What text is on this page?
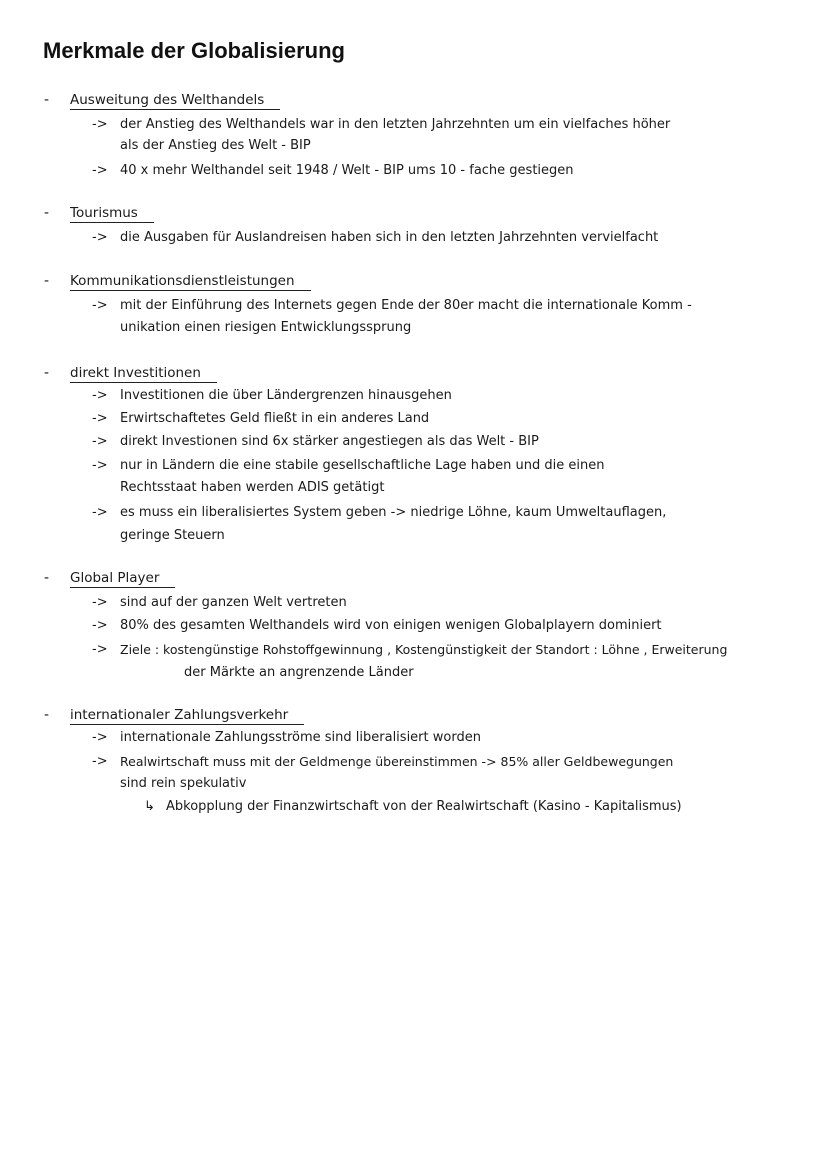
Merkmale der Globalisierung
- Ausweitung des Welthandels
-> der Anstieg des Welthandels war in den letzten Jahrzehnten um ein vielfaches höher
als der Anstieg des Welt - BIP
-> 40 x mehr Welthandel seit 1948 / Welt - BIP ums 10 - fache gestiegen
- Tourismus
-> die Ausgaben für Auslandreisen haben sich in den letzten Jahrzehnten vervielfacht
- Kommunikationsdienstleistungen
-> mit der Einführung des Internets gegen Ende der 80er macht die internationale Komm -
unikation einen riesigen Entwicklungssprung
- direkt Investitionen
-> Investitionen die über Ländergrenzen hinausgehen
-> Erwirtschaftetes Geld fließt in ein anderes Land
-> direkt Investionen sind 6x stärker angestiegen als das Welt - BIP
-> nur in Ländern die eine stabile gesellschaftliche Lage haben und die einen
Rechtsstaat haben werden ADIS getätigt
-> es muss ein liberalisiertes System geben -> niedrige Löhne, kaum Umweltauflagen,
geringe Steuern
- Global Player
-> sind auf der ganzen Welt vertreten
-> 80% des gesamten Welthandels wird von einigen wenigen Globalplayern dominiert
-> Ziele : kostengünstige Rohstoffgewinnung , Kostengünstigkeit der Standort : Löhne , Erweiterung
der Märkte an angrenzende Länder
- internationaler Zahlungsverkehr
-> internationale Zahlungsströme sind liberalisiert worden
-> Realwirtschaft muss mit der Geldmenge übereinstimmen -> 85% aller Geldbewegungen
sind rein spekulativ
↳ Abkopplung der Finanzwirtschaft von der Realwirtschaft (Kasino - Kapitalismus)
